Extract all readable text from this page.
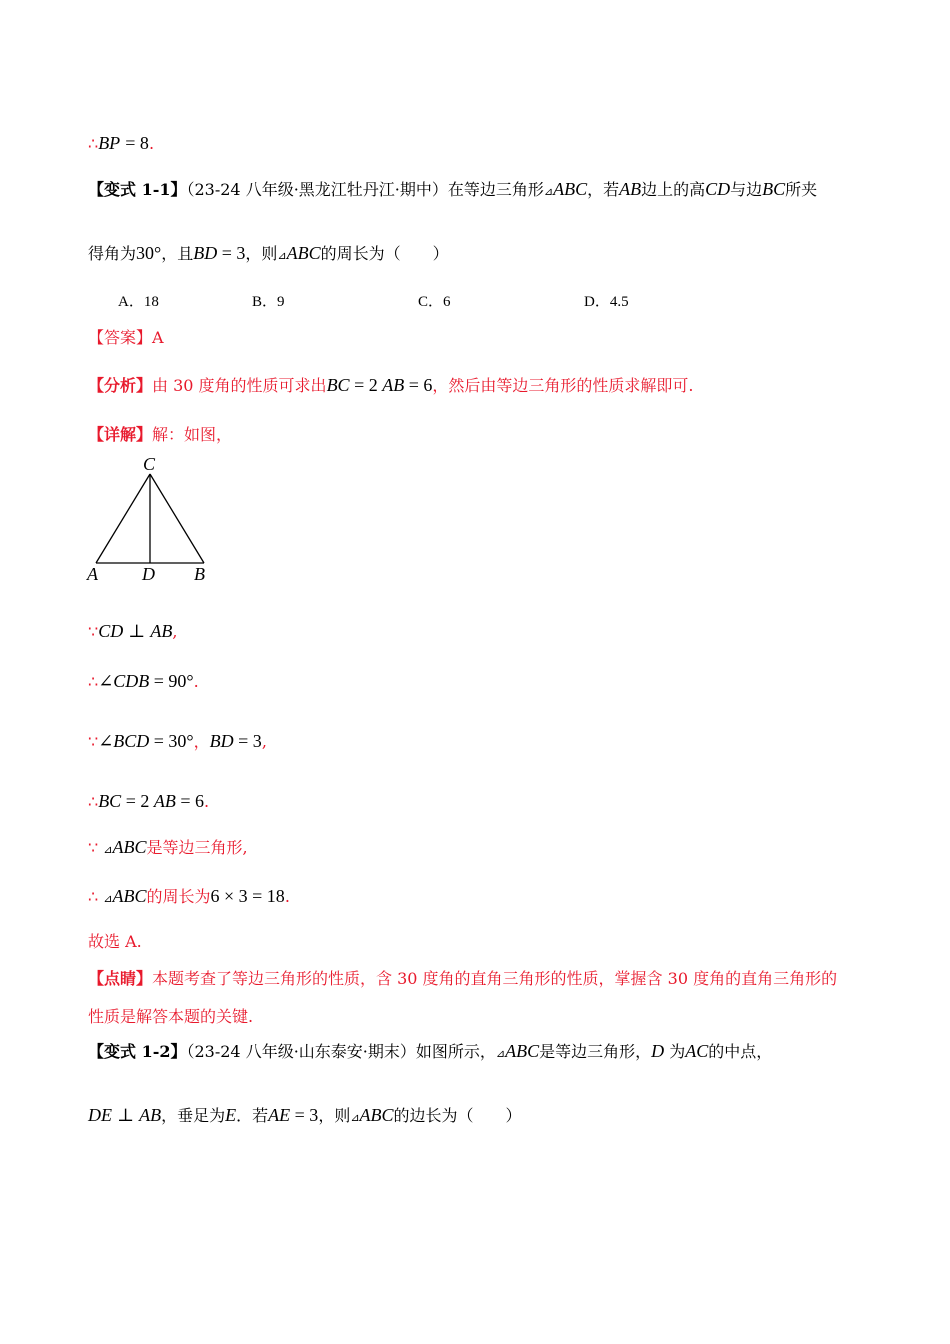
∴BP = 8.
【变式 1-1】（23-24 八年级·黑龙江牡丹江·期中）在等边三角形⊿ABC，若AB边上的高CD与边BC所夹
得角为30°，且BD = 3，则⊿ABC的周长为（　　）
A．18	B．9	C．6	D．4.5
【答案】A
【分析】由 30 度角的性质可求出BC = 2 AB = 6，然后由等边三角形的性质求解即可.
【详解】解：如图，
C
A D B
∵CD ⊥ AB,
∴∠CDB = 90°.
∵∠BCD = 30°，BD = 3,
∴BC = 2 AB = 6.
∵ ⊿ABC是等边三角形,
∴ ⊿ABC的周长为6 × 3 = 18.
故选 A.
【点睛】本题考查了等边三角形的性质，含 30 度角的直角三角形的性质，掌握含 30 度角的直角三角形的
性质是解答本题的关键.
【变式 1-2】（23-24 八年级·山东泰安·期末）如图所示，⊿ABC是等边三角形，D 为AC的中点，
DE ⊥ AB，垂足为E．若AE = 3，则⊿ABC的边长为（　　）
